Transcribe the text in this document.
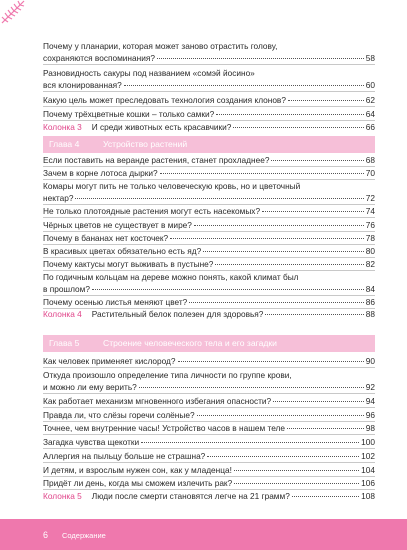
Почему у планарии, которая может заново отрастить голову,
сохраняются воспоминания?	58
Разновидность сакуры под названием «сомэй йосино»
вся клонированная?	60
Какую цель может преследовать технология создания клонов?	62
Почему трёхцветные кошки – только самки?	64
Колонка 3 И среди животных есть красавчики?	66
Глава 4	Устройство растений
Если поставить на веранде растения, станет прохладнее?	68
Зачем в корне лотоса дырки?	70
Комары могут пить не только человеческую кровь, но и цветочный
нектар?	72
Не только плотоядные растения могут есть насекомых?	74
Чёрных цветов не существует в мире?	76
Почему в бананах нет косточек?	78
В красивых цветах обязательно есть яд?	80
Почему кактусы могут выживать в пустыне?	82
По годичным кольцам на дереве можно понять, какой климат был
в прошлом?	84
Почему осенью листья меняют цвет?	86
Колонка 4 Растительный белок полезен для здоровья?	88
Глава 5	Строение человеческого тела и его загадки
Как человек применяет кислород?	90
Откуда произошло определение типа личности по группе крови,
и можно ли ему верить?	92
Как работает механизм мгновенного избегания опасности?	94
Правда ли, что слёзы горечи солёные?	96
Точнее, чем внутренние часы! Устройство часов в нашем теле	98
Загадка чувства щекотки	100
Аллергия на пыльцу больше не страшна?	102
И детям, и взрослым нужен сон, как у младенца!	104
Придёт ли день, когда мы сможем излечить рак?	106
Колонка 5 Люди после смерти становятся легче на 21 грамм?	108
6 Содержание
